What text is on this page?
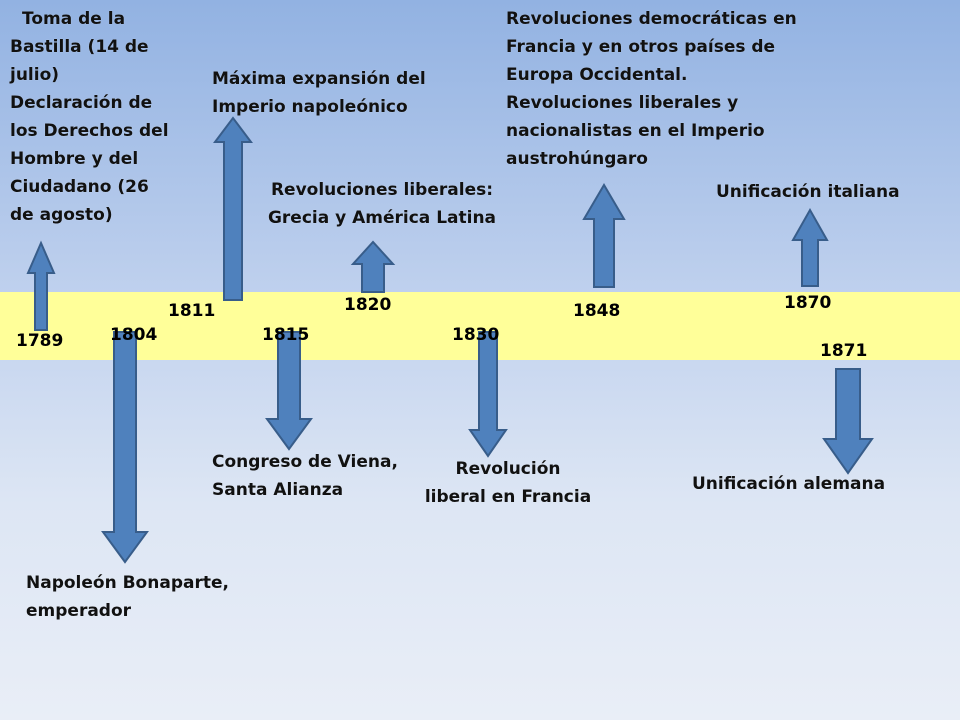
1789	1804
1811
1815
1820
1830
1848	1870
1871
Toma de la
Bastilla (14 de
julio)
Declaración de
los Derechos del
Hombre y del
Ciudadano (26
de agosto)
Máxima expansión del
Imperio napoleónico
Revoluciones liberales:
Grecia y América Latina
Revoluciones democráticas en
Francia y en otros países de
Europa Occidental.
Revoluciones liberales y
nacionalistas en el Imperio
austrohúngaro
Unificación italiana
Congreso de Viena,
Santa Alianza
Revolución
liberal en Francia
Unificación alemana
Napoleón Bonaparte,
emperador
